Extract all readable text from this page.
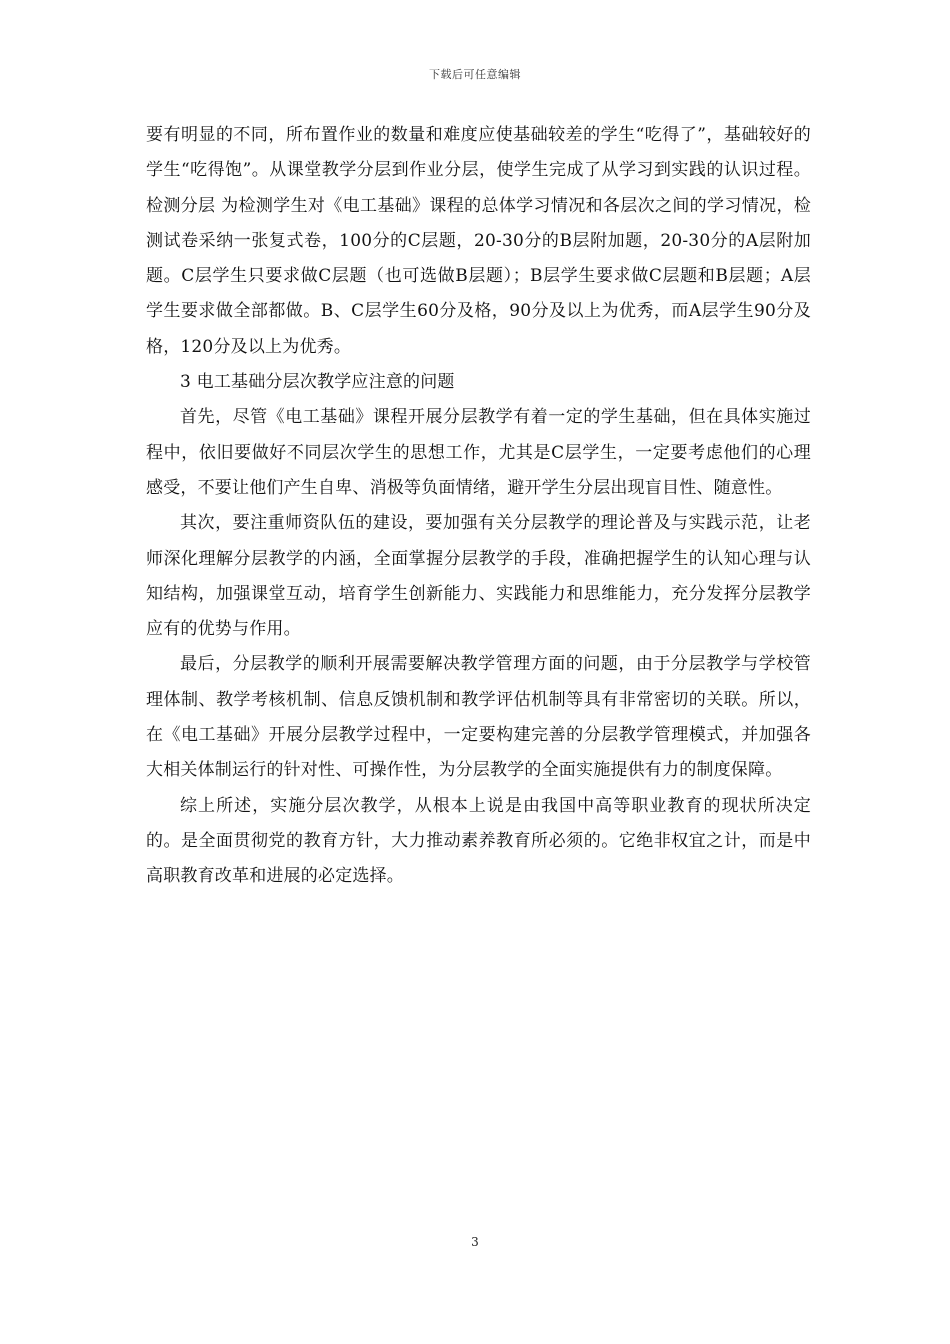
下载后可任意编辑

要有明显的不同，所布置作业的数量和难度应使基础较差的学生“吃得了”，基础较好的学生“吃得饱”。从课堂教学分层到作业分层，使学生完成了从学习到实践的认识过程。检测分层 为检测学生对《电工基础》课程的总体学习情况和各层次之间的学习情况，检测试卷采纳一张复式卷，100分的C层题，20-30分的B层附加题，20-30分的A层附加题。C层学生只要求做C层题（也可选做B层题）；B层学生要求做C层题和B层题；A层学生要求做全部都做。B、C层学生60分及格，90分及以上为优秀，而A层学生90分及格，120分及以上为优秀。

3 电工基础分层次教学应注意的问题

首先，尽管《电工基础》课程开展分层教学有着一定的学生基础，但在具体实施过程中，依旧要做好不同层次学生的思想工作，尤其是C层学生，一定要考虑他们的心理感受，不要让他们产生自卑、消极等负面情绪，避开学生分层出现盲目性、随意性。

其次，要注重师资队伍的建设，要加强有关分层教学的理论普及与实践示范，让老师深化理解分层教学的内涵，全面掌握分层教学的手段，准确把握学生的认知心理与认知结构，加强课堂互动，培育学生创新能力、实践能力和思维能力，充分发挥分层教学应有的优势与作用。

最后，分层教学的顺利开展需要解决教学管理方面的问题，由于分层教学与学校管理体制、教学考核机制、信息反馈机制和教学评估机制等具有非常密切的关联。所以，在《电工基础》开展分层教学过程中，一定要构建完善的分层教学管理模式，并加强各大相关体制运行的针对性、可操作性，为分层教学的全面实施提供有力的制度保障。

综上所述，实施分层次教学，从根本上说是由我国中高等职业教育的现状所决定的。是全面贯彻党的教育方针，大力推动素养教育所必须的。它绝非权宜之计，而是中高职教育改革和进展的必定选择。

3
